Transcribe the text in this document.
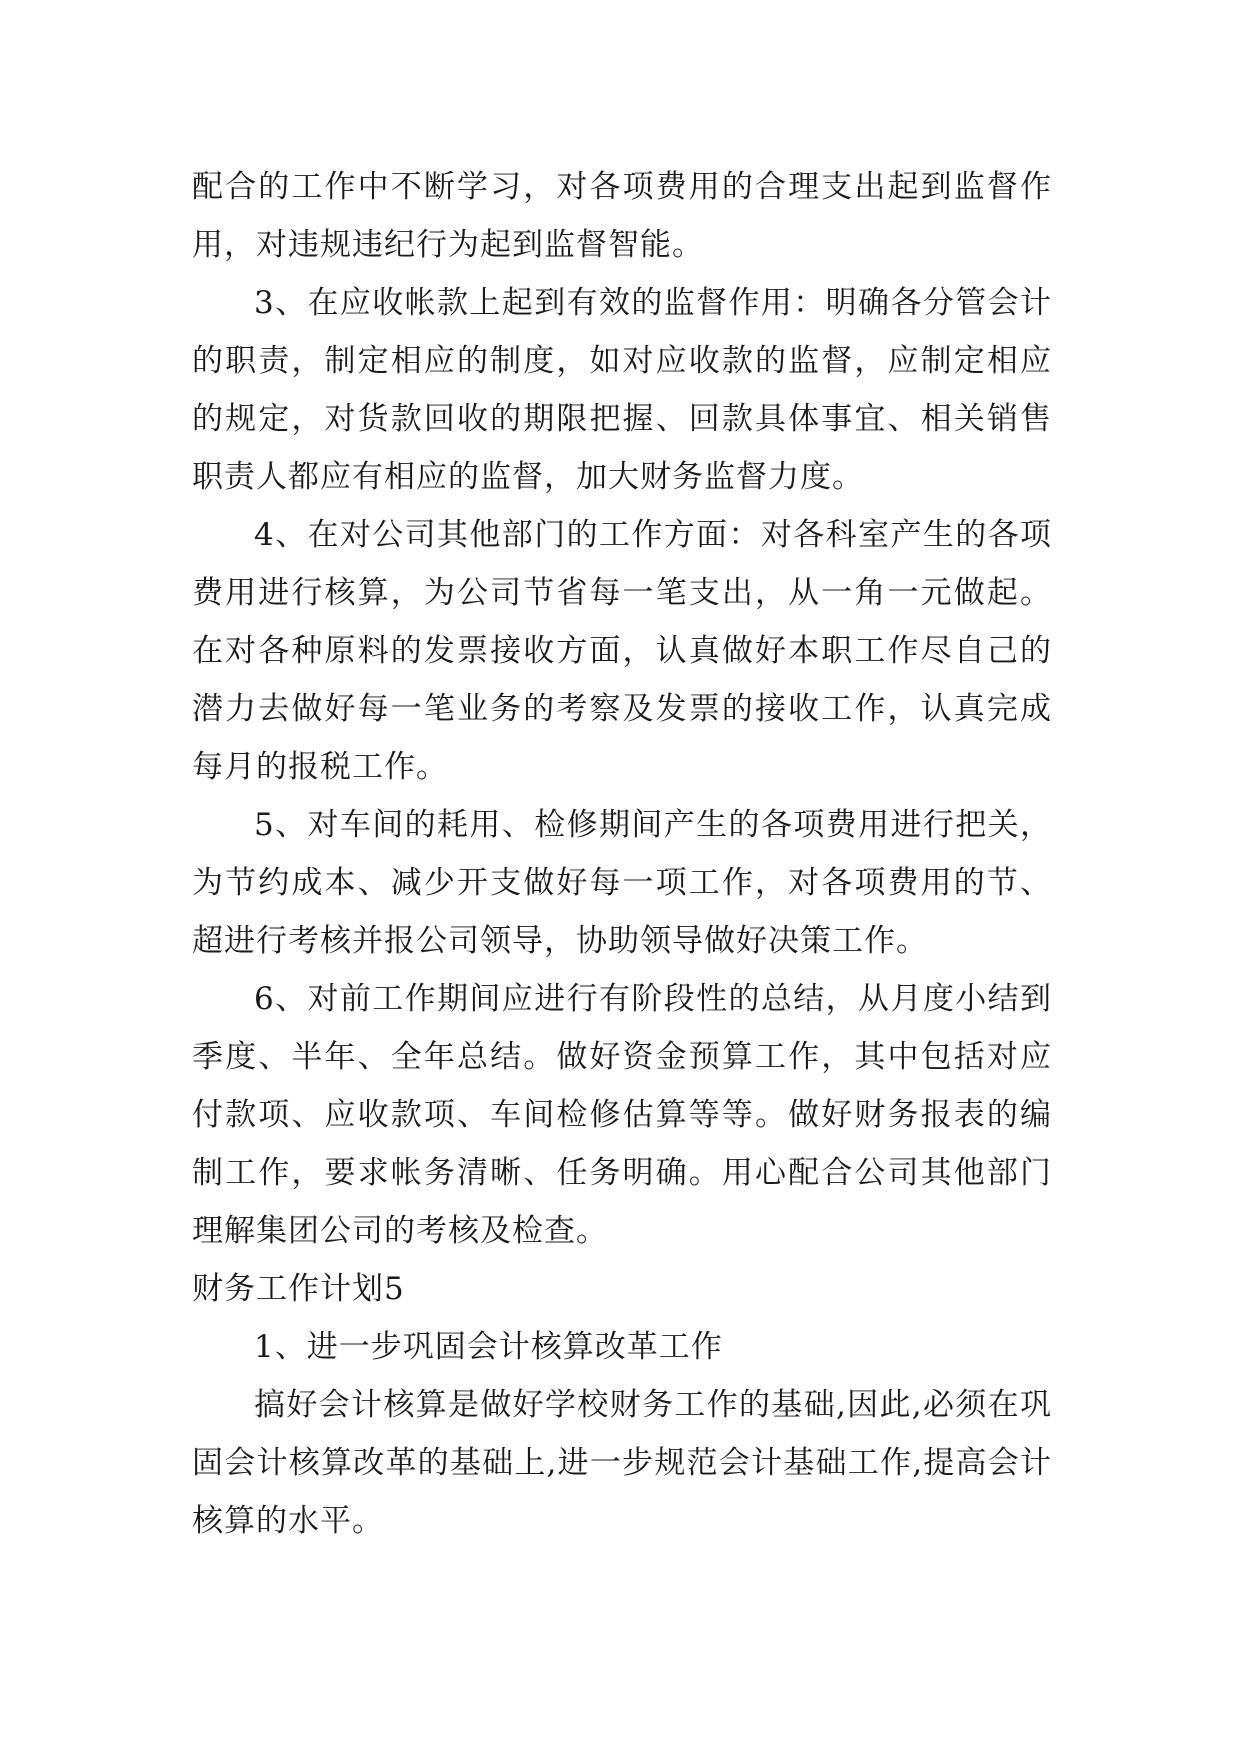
配合的工作中不断学习，对各项费用的合理支出起到监督作用，对违规违纪行为起到监督智能。

3、在应收帐款上起到有效的监督作用：明确各分管会计的职责，制定相应的制度，如对应收款的监督，应制定相应的规定，对货款回收的期限把握、回款具体事宜、相关销售职责人都应有相应的监督，加大财务监督力度。

4、在对公司其他部门的工作方面：对各科室产生的各项费用进行核算，为公司节省每一笔支出，从一角一元做起。在对各种原料的发票接收方面，认真做好本职工作尽自己的潜力去做好每一笔业务的考察及发票的接收工作，认真完成每月的报税工作。

5、对车间的耗用、检修期间产生的各项费用进行把关，为节约成本、减少开支做好每一项工作，对各项费用的节、超进行考核并报公司领导，协助领导做好决策工作。

6、对前工作期间应进行有阶段性的总结，从月度小结到季度、半年、全年总结。做好资金预算工作，其中包括对应付款项、应收款项、车间检修估算等等。做好财务报表的编制工作，要求帐务清晰、任务明确。用心配合公司其他部门理解集团公司的考核及检查。

财务工作计划5

1、进一步巩固会计核算改革工作

搞好会计核算是做好学校财务工作的基础,因此,必须在巩固会计核算改革的基础上,进一步规范会计基础工作,提高会计核算的水平。
